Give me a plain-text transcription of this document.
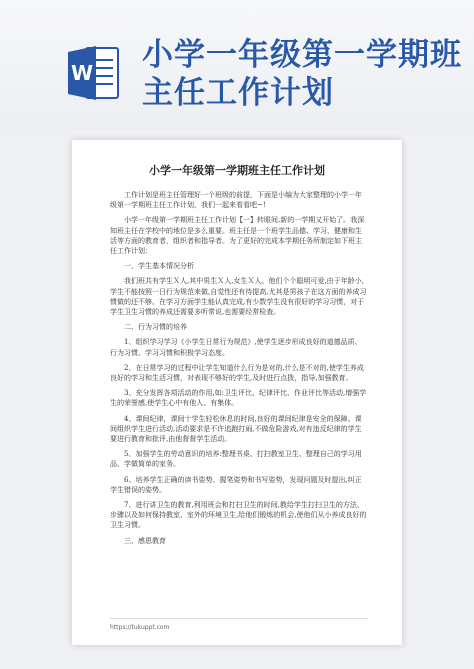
W 小学一年级第一学期班主任工作计划
小学一年级第一学期班主任工作计划

工作计划是班主任管理好一个班级的前提，下面是小编为大家整理的小学一年级第一学期班主任工作计划，我们一起来看看吧~!

小学一年级第一学期班主任工作计划【一】转眼间,新的一学期又开始了。我深知班主任在学校中的地位是多么重要。班主任是一个班学生品德、学习、健康和生活等方面的教育者，组织者和指导者。为了更好的完成本学期任务所制定如下班主任工作计划：

一、学生基本情况分析

我们班共有学生Ｘ人,其中男生Ｘ人,女生Ｘ人。他们个个聪明可爱,由于年龄小,学生不能按照一日行为规范来做,自觉性还有待提高,尤其是男孩子在这方面的养成习惯做的还不够。在学习方面学生能认真完成,有少数学生没有很好的学习习惯，对于学生卫生习惯的养成还需要多听常说,也需要经常检查。

二、行为习惯的培养

1、组织学习学习《小学生日常行为规范》,使学生逐步形成良好的道德品质、行为习惯、学习习惯和积极学习态度。

2、在日常学习的过程中让学生知道什么行为是对的,什么是不对的,使学生养成良好的学习和生活习惯，对表现不够好的学生,及时进行点拨，指导,加强教育。

3、充分发挥各项活动的作用,如:卫生评比、纪律评比、作业评比等活动,增强学生的荣誉感,使学生心中有他人、有集体。

4、课间纪律，课间十学生轻松休息的时间,良好的课间纪律是安全的保障。课间组织学生进行活动,活动要求是不许追跑打闹,不做危险游戏,对有违反纪律的学生要进行教育和批评,由他督督学生活动。

5、加强学生的劳动意识的培养:整理书桌、打扫教室卫生、整理自己的学习用品、学做简单的家务。

6、培养学生正确的读书姿势、握笔姿势和书写姿势，发现问题及时提出,纠正学生错误的姿势。

7、进行讲卫生的教育,利用班会和打扫卫生的时间,教给学生打扫卫生的方法、步骤以及如何保持教室、室外的环境卫生,给他们锻炼的机会,使他们从小养成良好的卫生习惯。

三、感恩教育

https://tukuppt.com
